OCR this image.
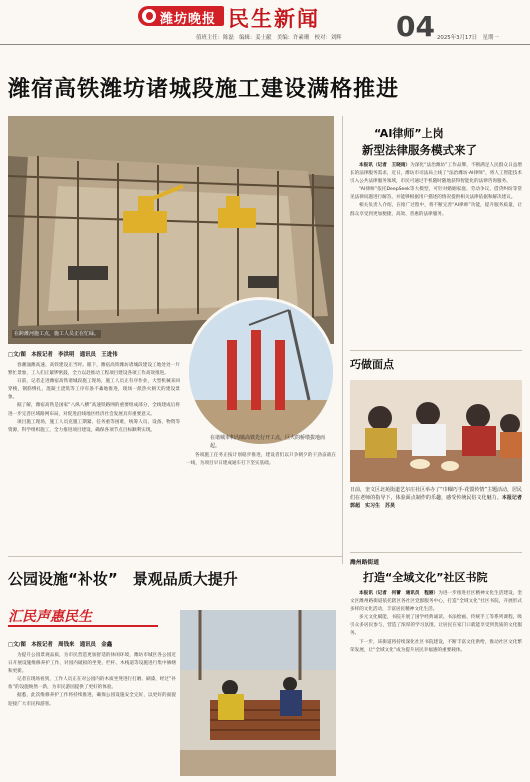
潍坊晚报 民生新闻
值班主任：陈磊　编辑：姜士献　美编：许素珊　校对：刘辉 04 2025年3月17日　星期一
潍宿高铁潍坊诸城段施工建设满格推进
在跨潍河施工点，施工人员正在忙碌。
在诸城市积沟镇高铁先行开工点，巨大的桥墩拔地而起。
□文/图　本报记者　李洪明　通讯员　王进伟

春潮涌潍高速、高铁建设正当时。眼下，潍宿高铁潍坊诸城段建设工地处处一片繁忙景象，工人们正紧锣密鼓，全力以赴推动工程项目建设各项工作高效推进。

日前，记者走进潍宿高铁诸城段施工现场，施工人员正有序作业，大型机械来回穿梭，钢筋绑扎、混凝土浇筑等工序有条不紊地推进，现场一派热火朝天的建设景象。

据了解，潍宿高铁是国家“八纵八横”高速铁路网的重要组成部分，全线建成后将进一步完善区域路网布局，对促进沿线地区经济社会发展具有重要意义。

项目施工现场，施工人员克服工期紧、任务重等困难，统筹人员、设备、物资等资源，科学组织施工，全力推进项目建设，确保各项节点目标顺利实现。

各项施工任务正按计划稳步推进，建设者们以只争朝夕的干劲奋战在一线，为项目早日建成通车打下坚实基础。

“AI律师”上岗
新型法律服务模式来了

本报讯（记者　王晓雨）为深化“法治潍坊”工作品牌，不断满足人民群众日益增长的法律服务需求，近日，潍坊市司法局上线了“法治潍坊·AI律师”，将人工智能技术引入公共法律服务领域，市民可通过手机随时随地获得智能化的法律咨询服务。

“AI律师”依托DeepSeek等大模型，可针对婚姻家庭、劳动争议、借贷纠纷等常见法律问题进行解答，并能够根据用户描述的情况提供相关法律依据和解决建议。

相关负责人介绍，在推广过程中，将不断完善“AI律师”功能，提升服务质量，让群众享受到更加便捷、高效、普惠的法律服务。

巧做面点
日前，奎文区北苑街道艺尔庄社区举办了“巾帼巧手·花馍传情”主题活动，居民们在老师的指导下，体验面点制作的乐趣，感受传统民俗文化魅力。本报记者　郭超　实习生　苏昊
潍州路街道
打造“全域文化”社区书院

本报讯（记者　何蕾　通讯员　程丽）为进一步推进社区精神文化生活建设，奎文区潍州路街道依托辖区各社区党群服务中心，打造“全域文化”社区书院，开展形式多样的文化活动，丰富居民精神文化生活。

多元文化赋能，书院开展了国学经典诵读、书法绘画、传统手工等系列课程，吸引众多居民参与，营造了浓厚的学习氛围，让居民在家门口就能享受到优质的文化服务。

下一步，该街道将持续深化社区书院建设，不断丰富文化供给，推动社区文化繁荣发展，让“全域文化”成为提升居民幸福感的重要载体。

公园设施“补妆”　景观品质大提升
汇民声惠民生
□文/图　本报记者　周钱来　通讯员　金鑫

为提升公园景观品质，为市民营造更加舒适的休闲环境，潍坊市城区各公园近日开展设施维修养护工作，对园内破损的坐凳、栏杆、木栈道等设施进行集中修缮和更新。

记者在现场看到，工作人员正在对公园内的木质坐凳进行打磨、刷漆，经过“补妆”的设施焕然一新，为市民游园提供了更好的体验。

据悉，此次维修养护工作将持续推进，确保公园设施安全完好，以更好的面貌迎接广大市民和游客。
